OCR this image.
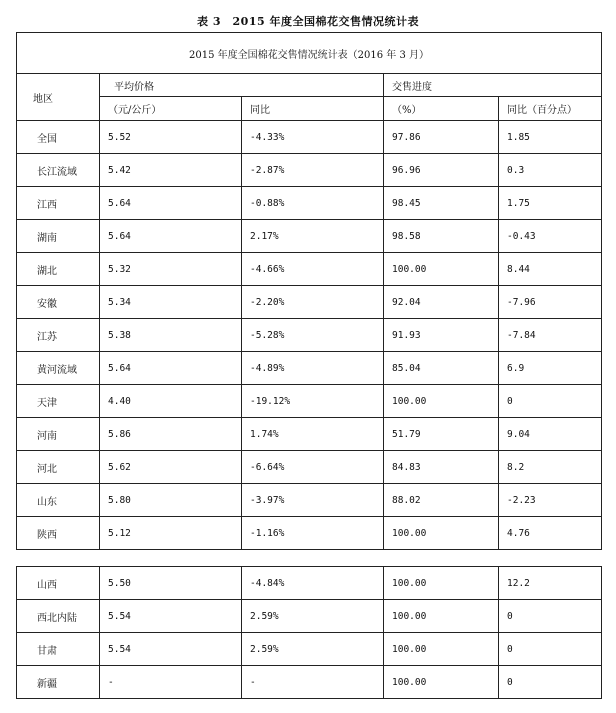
表 3　2015 年度全国棉花交售情况统计表
2015 年度全国棉花交售情况统计表（2016 年 3 月）				
地区	平均价格		交售进度	
	（元/公斤）	同比	（%）	同比（百分点）
全国	5.52	-4.33%	97.86	1.85
长江流域	5.42	-2.87%	96.96	0.3
江西	5.64	-0.88%	98.45	1.75
湖南	5.64	2.17%	98.58	-0.43
湖北	5.32	-4.66%	100.00	8.44
安徽	5.34	-2.20%	92.04	-7.96
江苏	5.38	-5.28%	91.93	-7.84
黄河流域	5.64	-4.89%	85.04	6.9
天津	4.40	-19.12%	100.00	0
河南	5.86	1.74%	51.79	9.04
河北	5.62	-6.64%	84.83	8.2
山东	5.80	-3.97%	88.02	-2.23
陕西	5.12	-1.16%	100.00	4.76
山西	5.50	-4.84%	100.00	12.2
西北内陆	5.54	2.59%	100.00	0
甘肃	5.54	2.59%	100.00	0
新疆	-	-	100.00	0
